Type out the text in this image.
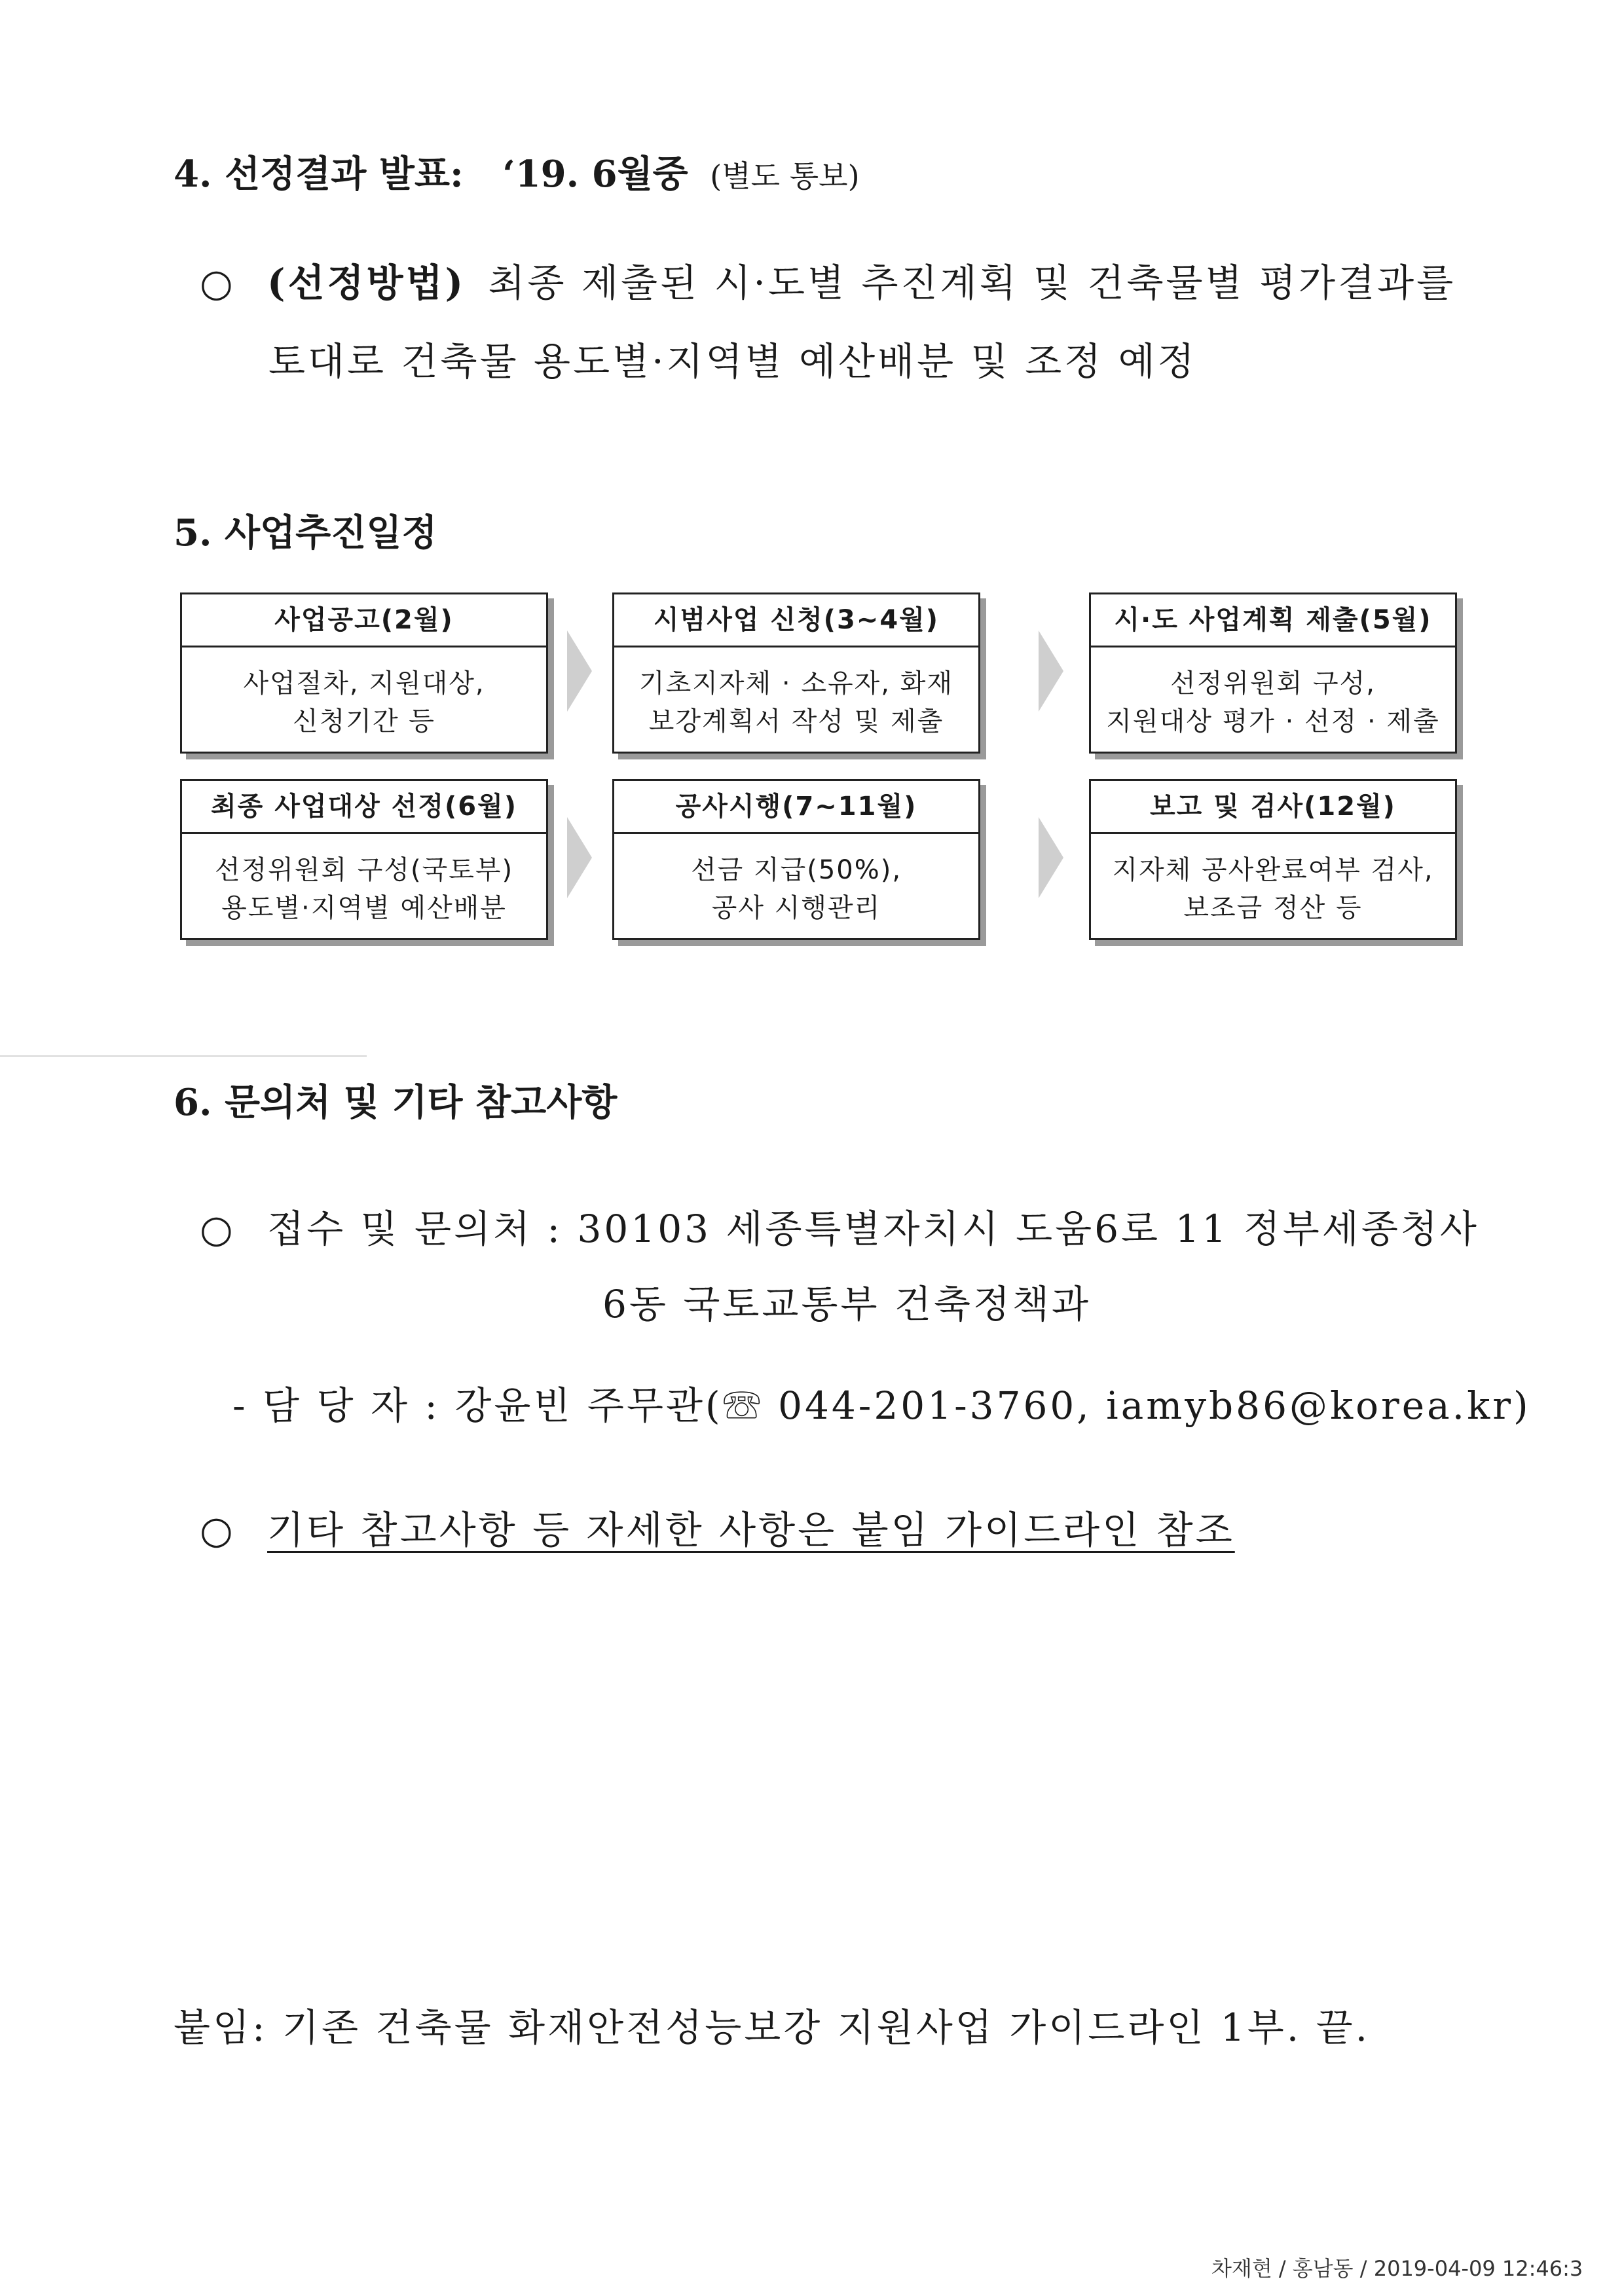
4. 선정결과 발표: ‘19. 6월중 (별도 통보)
○ (선정방법) 최종 제출된 시·도별 추진계획 및 건축물별 평가결과를
토대로 건축물 용도별·지역별 예산배분 및 조정 예정
5. 사업추진일정
사업공고(2월)
사업절차, 지원대상,
신청기간 등
시범사업 신청(3~4월)
기초지자체 · 소유자, 화재
보강계획서 작성 및 제출
시·도 사업계획 제출(5월)
선정위원회 구성,
지원대상 평가 · 선정 · 제출
최종 사업대상 선정(6월)
선정위원회 구성(국토부)
용도별·지역별 예산배분
공사시행(7~11월)
선금 지급(50%),
공사 시행관리
보고 및 검사(12월)
지자체 공사완료여부 검사,
보조금 정산 등
6. 문의처 및 기타 참고사항
○ 접수 및 문의처 : 30103 세종특별자치시 도움6로 11 정부세종청사
6동 국토교통부 건축정책과
- 담 당 자 : 강윤빈 주무관(☏ 044-201-3760, iamyb86@korea.kr)
○ 기타 참고사항 등 자세한 사항은 붙임 가이드라인 참조
붙임: 기존 건축물 화재안전성능보강 지원사업 가이드라인 1부. 끝.
차재현 / 홍남동 / 2019-04-09 12:46:3
